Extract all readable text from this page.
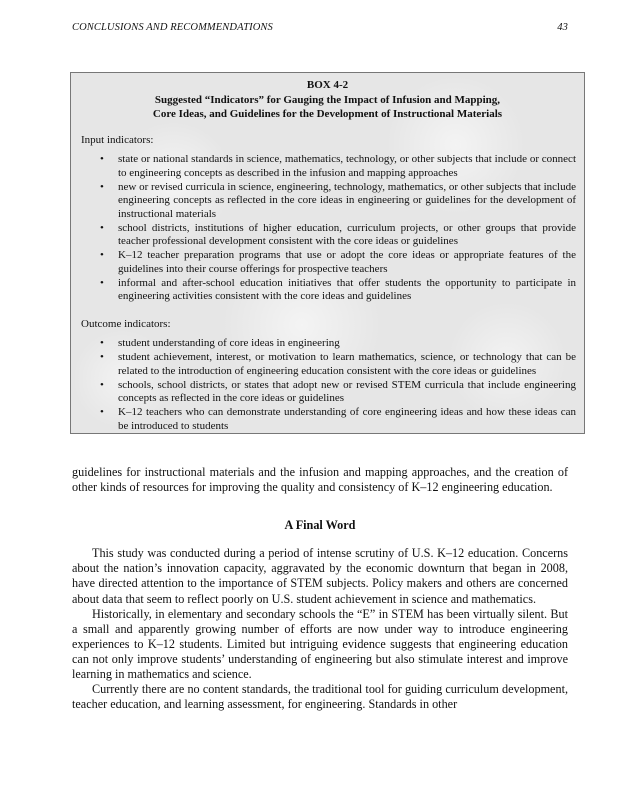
CONCLUSIONS AND RECOMMENDATIONS	43
BOX 4-2
Suggested “Indicators” for Gauging the Impact of Infusion and Mapping,
Core Ideas, and Guidelines for the Development of Instructional Materials
Input indicators:
• state or national standards in science, mathematics, technology, or other subjects that include or connect to engineering concepts as described in the infusion and mapping approaches
• new or revised curricula in science, engineering, technology, mathematics, or other subjects that include engineering concepts as reflected in the core ideas in engineering or guidelines for the development of instructional materials
• school districts, institutions of higher education, curriculum projects, or other groups that provide teacher professional development consistent with the core ideas or guidelines
• K–12 teacher preparation programs that use or adopt the core ideas or appropriate features of the guidelines into their course offerings for prospective teachers
• informal and after-school education initiatives that offer students the opportunity to participate in engineering activities consistent with the core ideas and guidelines
Outcome indicators:
• student understanding of core ideas in engineering
• student achievement, interest, or motivation to learn mathematics, science, or technology that can be related to the introduction of engineering education consistent with the core ideas or guidelines
• schools, school districts, or states that adopt new or revised STEM curricula that include engineering concepts as reflected in the core ideas or guidelines
• K–12 teachers who can demonstrate understanding of core engineering ideas and how these ideas can be introduced to students

guidelines for instructional materials and the infusion and mapping approaches, and the creation of other kinds of resources for improving the quality and consistency of K–12 engineering education.

A Final Word

This study was conducted during a period of intense scrutiny of U.S. K–12 education. Concerns about the nation’s innovation capacity, aggravated by the economic downturn that began in 2008, have directed attention to the importance of STEM subjects. Policy makers and others are concerned about data that seem to reflect poorly on U.S. student achievement in science and mathematics.

Historically, in elementary and secondary schools the “E” in STEM has been virtually silent. But a small and apparently growing number of efforts are now under way to introduce engineering experiences to K–12 students. Limited but intriguing evidence suggests that engineering education can not only improve students’ understanding of engineering but also stimulate interest and improve learning in mathematics and science.

Currently there are no content standards, the traditional tool for guiding curriculum development, teacher education, and learning assessment, for engineering. Standards in other
